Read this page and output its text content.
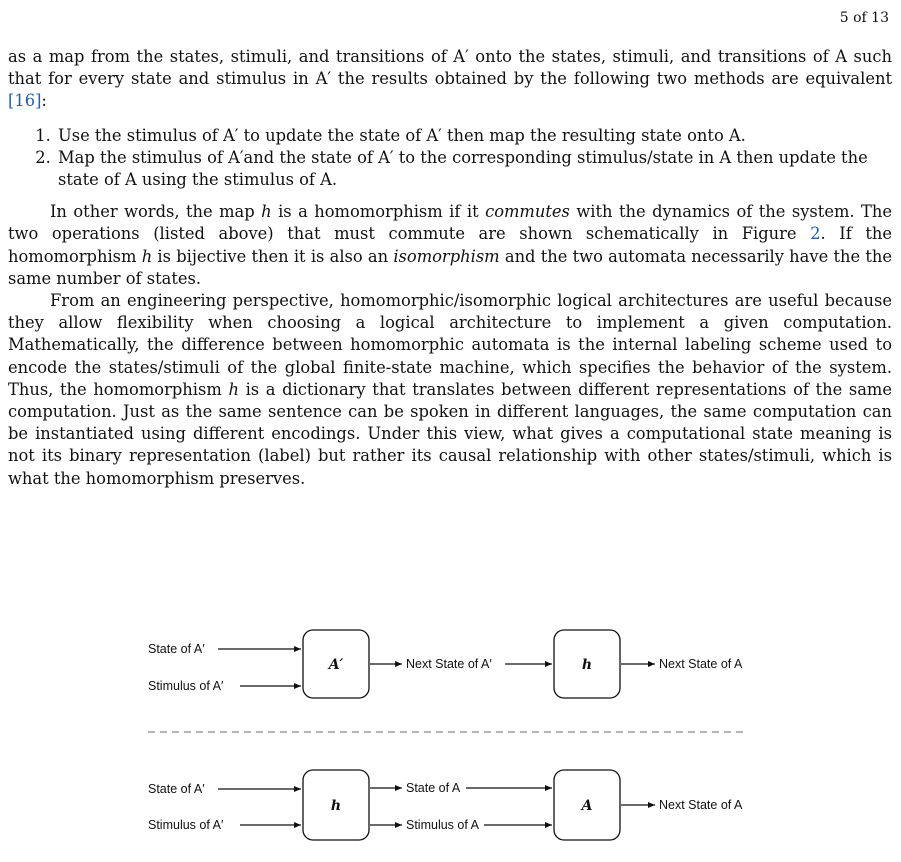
5 of 13

as a map from the states, stimuli, and transitions of A′ onto the states, stimuli, and transitions of A such that for every state and stimulus in A′ the results obtained by the following two methods are equivalent [16]:

1. Use the stimulus of A′ to update the state of A′ then map the resulting state onto A.
2. Map the stimulus of A′and the state of A′ to the corresponding stimulus/state in A then update the state of A using the stimulus of A.

In other words, the map h is a homomorphism if it commutes with the dynamics of the system. The two operations (listed above) that must commute are shown schematically in Figure 2. If the homomorphism h is bijective then it is also an isomorphism and the two automata necessarily have the the same number of states.

From an engineering perspective, homomorphic/isomorphic logical architectures are useful because they allow flexibility when choosing a logical architecture to implement a given computation. Mathematically, the difference between homomorphic automata is the internal labeling scheme used to encode the states/stimuli of the global finite-state machine, which specifies the behavior of the system. Thus, the homomorphism h is a dictionary that translates between different representations of the same computation. Just as the same sentence can be spoken in different languages, the same computation can be instantiated using different encodings. Under this view, what gives a computational state meaning is not its binary representation (label) but rather its causal relationship with other states/stimuli, which is what the homomorphism preserves.

State of A′
Stimulus of A′
A′	Next State of A′	h	Next State of A
State of A′
Stimulus of A′
h
State of A
Stimulus of A
A	Next State of A
